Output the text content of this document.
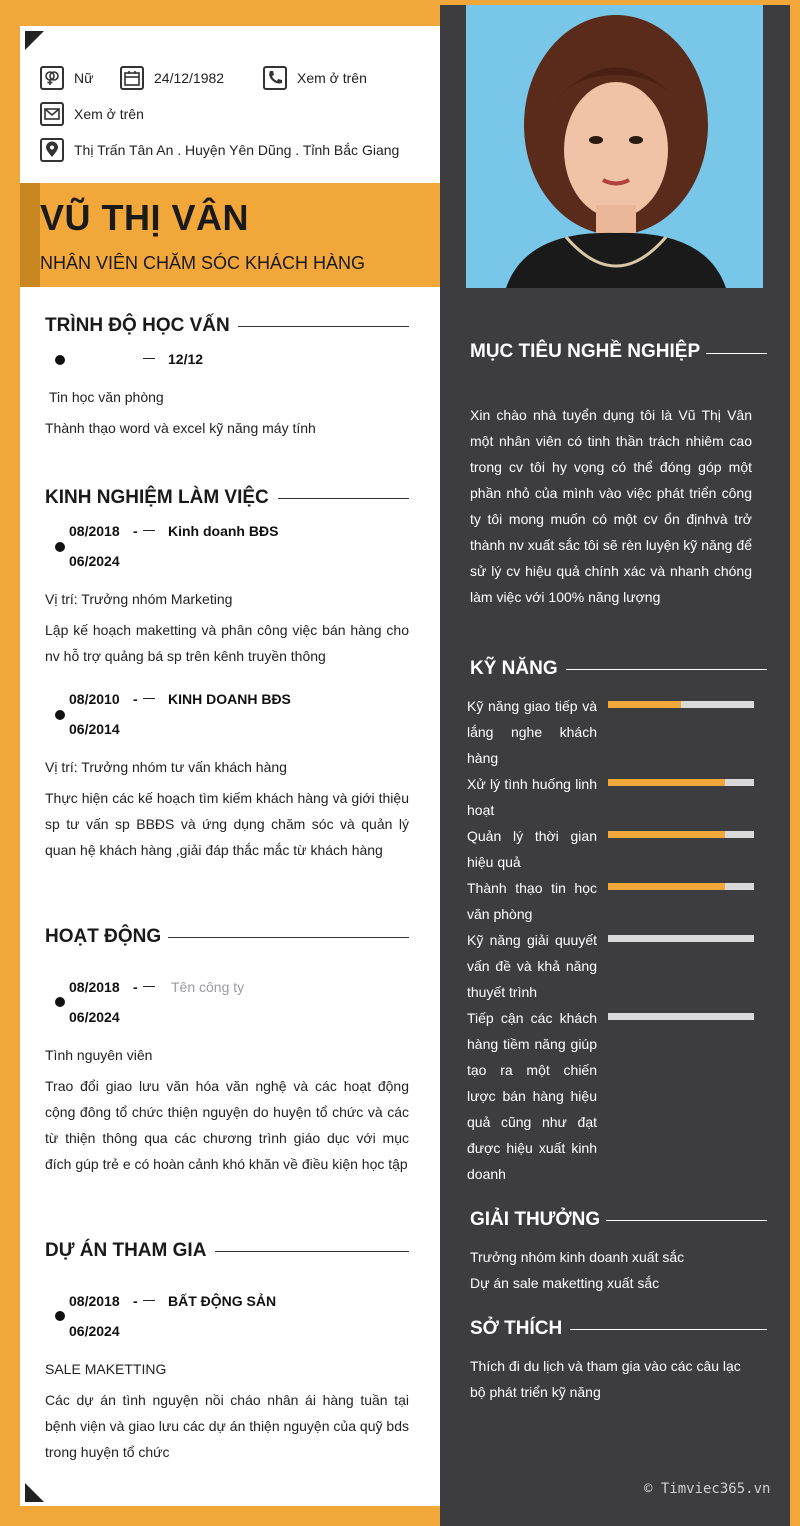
Nữ	24/12/1982	Xem ở trên
Xem ở trên
Thị Trấn Tân An . Huyện Yên Dũng . Tỉnh Bắc Giang
VŨ THỊ VÂN
NHÂN VIÊN CHĂM SÓC KHÁCH HÀNG
TRÌNH ĐỘ HỌC VẤN
12/12
Tin học văn phòng
Thành thạo word và excel kỹ năng máy tính
KINH NGHIỆM LÀM VIỆC
08/2018 - Kinh doanh BĐS
06/2024
Vị trí: Trưởng nhóm Marketing
Lập kế hoạch maketting và phân công việc bán hàng cho nv hỗ trợ quảng bá sp trên kênh truyền thông
08/2010 - KINH DOANH BĐS
06/2014
Vị trí: Trưởng nhóm tư vấn khách hàng
Thực hiện các kế hoạch tìm kiếm khách hàng và giới thiệu sp tư vấn sp BBĐS và ứng dụng chăm sóc và quản lý quan hệ khách hàng ,giải đáp thắc mắc từ khách hàng
HOẠT ĐỘNG
08/2018 - Tên công ty
06/2024
Tình nguyên viên
Trao đổi giao lưu văn hóa văn nghệ và các hoạt động cộng đông tổ chức thiện nguyện do huyện tổ chức và các từ thiện thông qua các chương trình giáo dục với mục đích gúp trẻ e có hoàn cảnh khó khăn về điều kiện học tập
DỰ ÁN THAM GIA
08/2018 - BẤT ĐỘNG SẢN
06/2024
SALE MAKETTING
Các dự án tình nguyện nồi cháo nhân ái hàng tuần tại bệnh viện và giao lưu các dự án thiện nguyện của quỹ bds trong huyện tổ chức
MỤC TIÊU NGHỀ NGHIỆP
Xin chào nhà tuyển dụng tôi là Vũ Thị Vân một nhân viên có tinh thần trách nhiêm cao trong cv tôi hy vọng có thể đóng góp một phần nhỏ của mình vào việc phát triển công ty tôi mong muốn có một cv ổn địnhvà trở thành nv xuất sắc tôi sẽ rèn luyện kỹ năng để sử lý cv hiệu quả chính xác và nhanh chóng làm việc với 100% năng lượng
KỸ NĂNG
Kỹ năng giao tiếp và lắng nghe khách hàng
Xử lý tình huống linh hoạt
Quản lý thời gian hiệu quả
Thành thạo tin học văn phòng
Kỹ năng giải quuyết vấn đề và khả năng thuyết trình
Tiếp cận các khách hàng tiềm năng giúp tạo ra một chiến lược bán hàng hiệu quả cũng như đạt được hiệu xuất kinh doanh
GIẢI THƯỞNG
Trưởng nhóm kinh doanh xuất sắc
Dự án sale maketting xuất sắc
SỞ THÍCH
Thích đi du lịch và tham gia vào các câu lạc bộ phát triển kỹ năng
© Timviec365.vn
